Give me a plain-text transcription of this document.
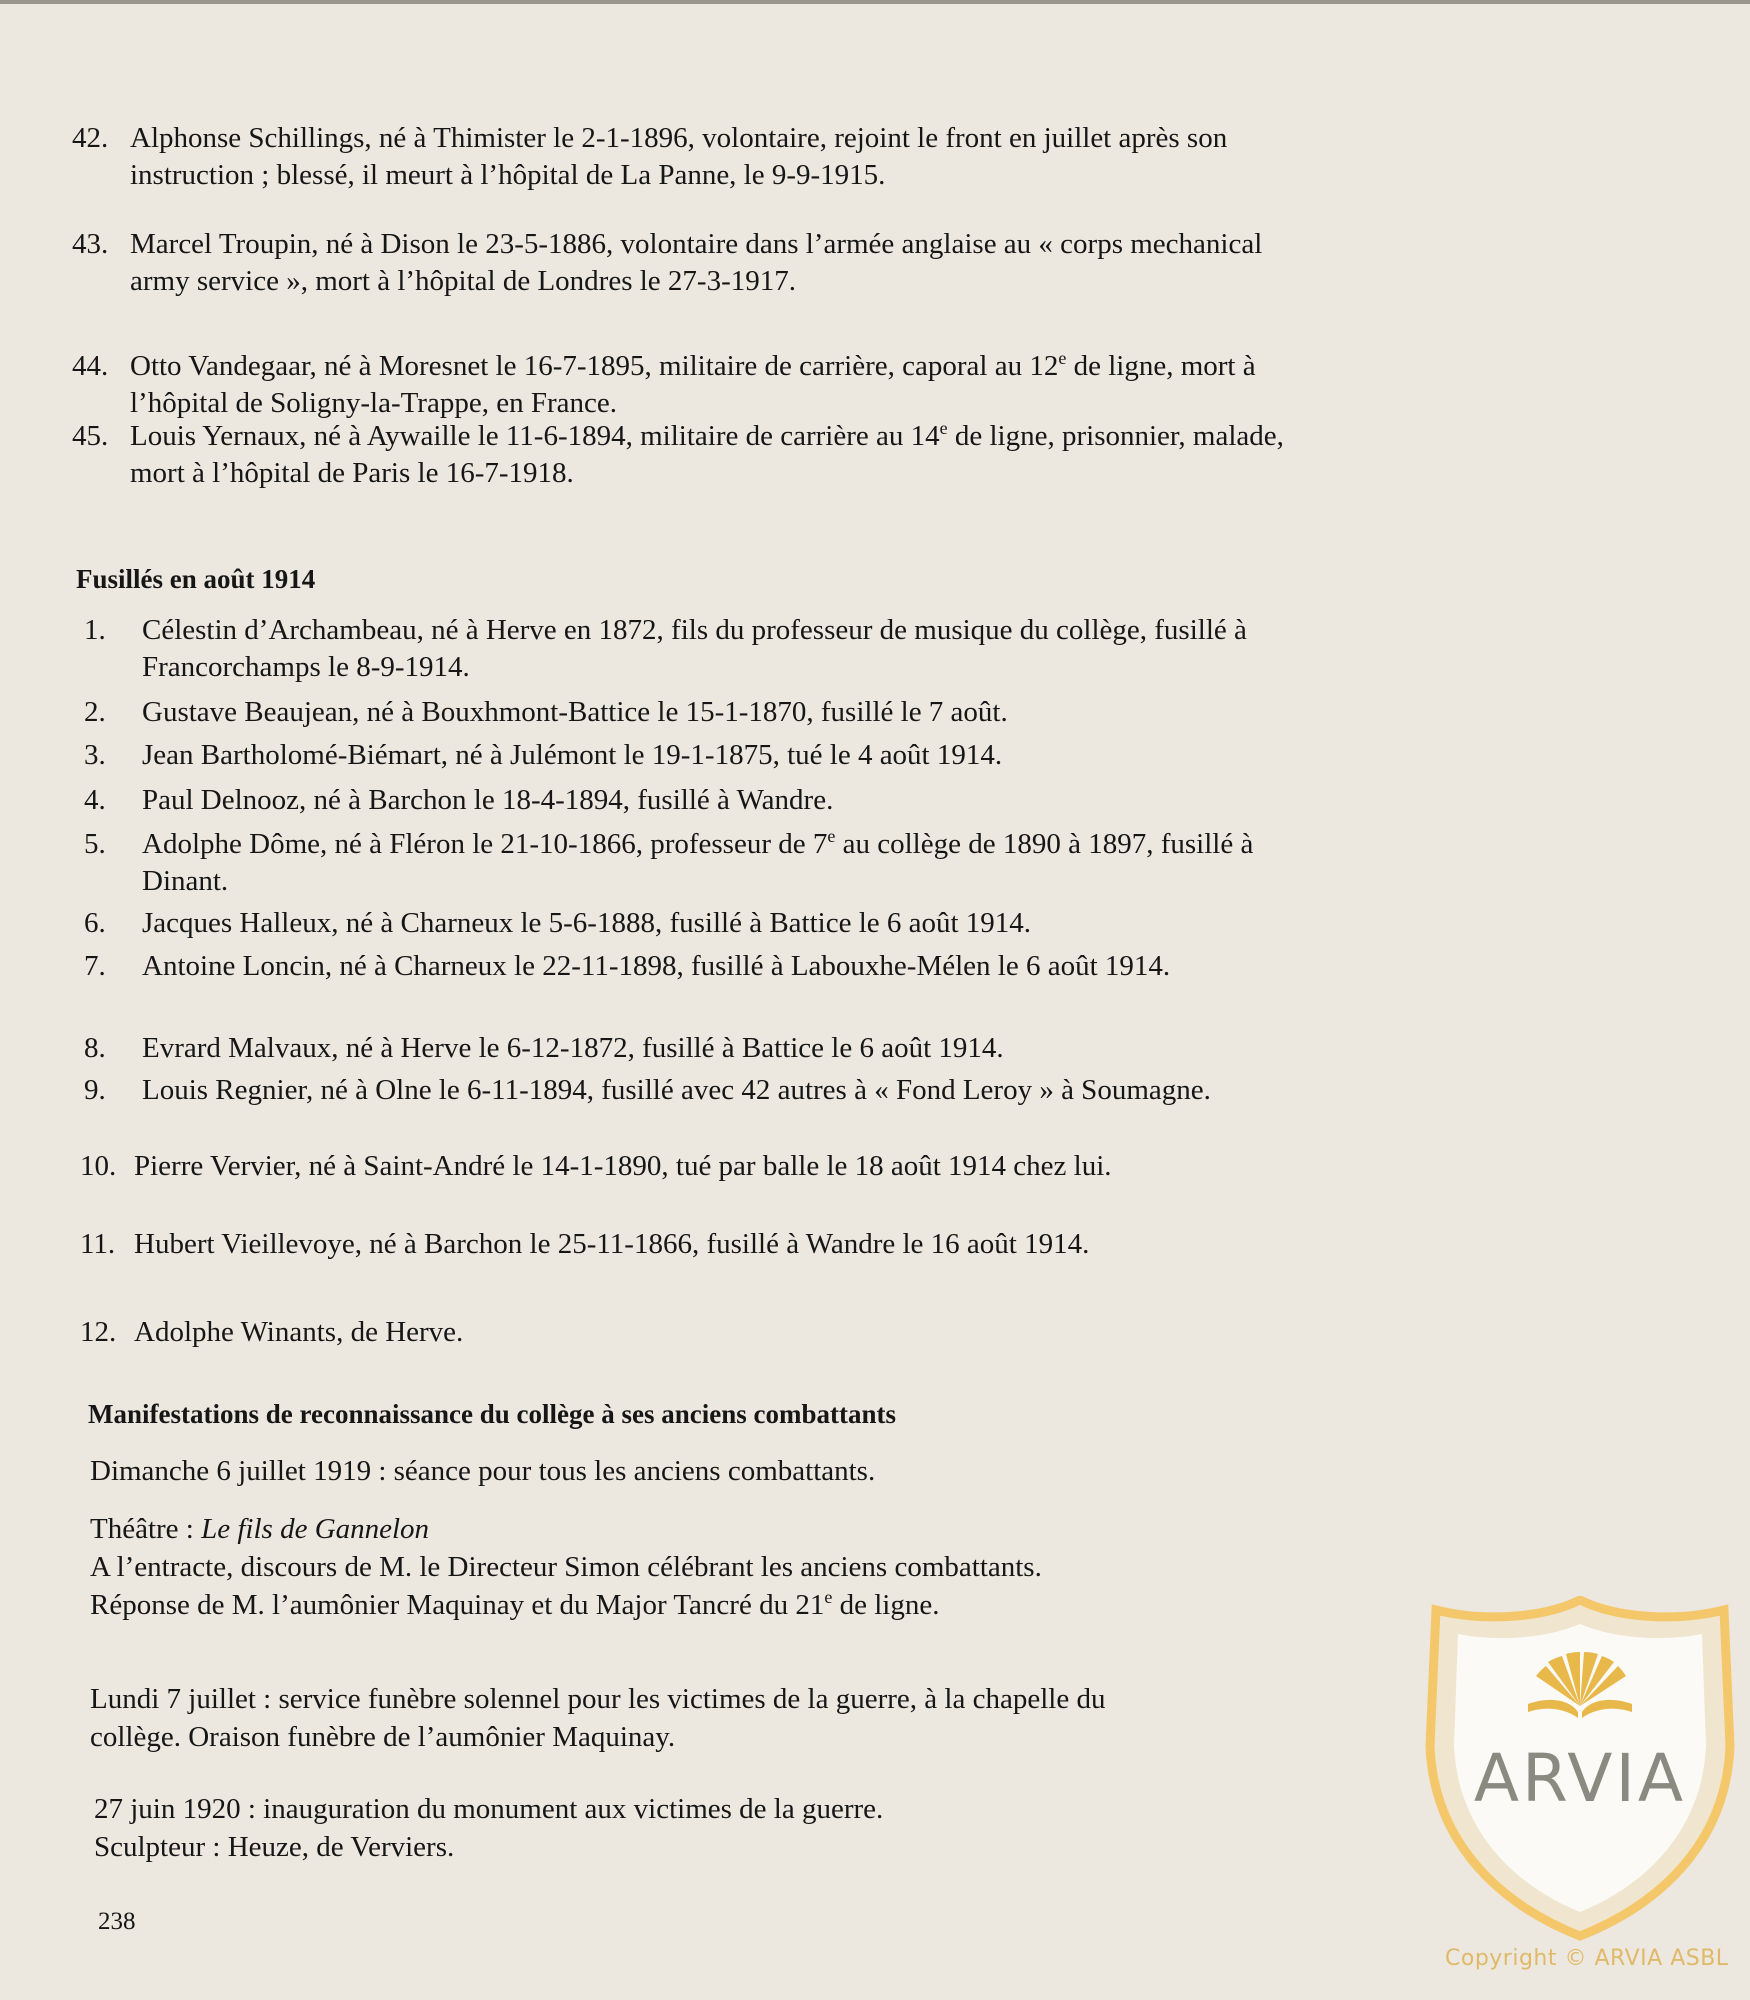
42. Alphonse Schillings, né à Thimister le 2-1-1896, volontaire, rejoint le front en juillet après son instruction ; blessé, il meurt à l’hôpital de La Panne, le 9-9-1915.
43. Marcel Troupin, né à Dison le 23-5-1886, volontaire dans l’armée anglaise au « corps mechanical army service », mort à l’hôpital de Londres le 27-3-1917.
44. Otto Vandegaar, né à Moresnet le 16-7-1895, militaire de carrière, caporal au 12e de ligne, mort à l’hôpital de Soligny-la-Trappe, en France.
45. Louis Yernaux, né à Aywaille le 11-6-1894, militaire de carrière au 14e de ligne, prisonnier, malade, mort à l’hôpital de Paris le 16-7-1918.
Fusillés en août 1914
1. Célestin d’Archambeau, né à Herve en 1872, fils du professeur de musique du collège, fusillé à Francorchamps le 8-9-1914.
2. Gustave Beaujean, né à Bouxhmont-Battice le 15-1-1870, fusillé le 7 août.
3. Jean Bartholomé-Biémart, né à Julémont le 19-1-1875, tué le 4 août 1914.
4. Paul Delnooz, né à Barchon le 18-4-1894, fusillé à Wandre.
5. Adolphe Dôme, né à Fléron le 21-10-1866, professeur de 7e au collège de 1890 à 1897, fusillé à Dinant.
6. Jacques Halleux, né à Charneux le 5-6-1888, fusillé à Battice le 6 août 1914.
7. Antoine Loncin, né à Charneux le 22-11-1898, fusillé à Labouxhe-Mélen le 6 août 1914.
8. Evrard Malvaux, né à Herve le 6-12-1872, fusillé à Battice le 6 août 1914.
9. Louis Regnier, né à Olne le 6-11-1894, fusillé avec 42 autres à « Fond Leroy » à Soumagne.
10. Pierre Vervier, né à Saint-André le 14-1-1890, tué par balle le 18 août 1914 chez lui.
11. Hubert Vieillevoye, né à Barchon le 25-11-1866, fusillé à Wandre le 16 août 1914.
12. Adolphe Winants, de Herve.
Manifestations de reconnaissance du collège à ses anciens combattants
Dimanche 6 juillet 1919 : séance pour tous les anciens combattants.
Théâtre : Le fils de Gannelon
A l’entracte, discours de M. le Directeur Simon célébrant les anciens combattants.
Réponse de M. l’aumônier Maquinay et du Major Tancré du 21e de ligne.
Lundi 7 juillet : service funèbre solennel pour les victimes de la guerre, à la chapelle du collège. Oraison funèbre de l’aumônier Maquinay.
27 juin 1920 : inauguration du monument aux victimes de la guerre.
Sculpteur : Heuze, de Verviers.
238
ARVIA
Copyright © ARVIA ASBL
